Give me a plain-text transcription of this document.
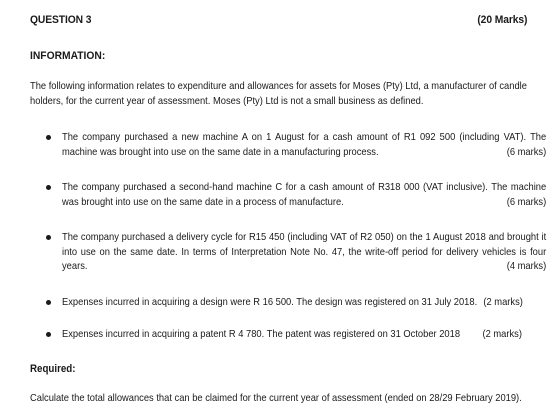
QUESTION 3	(20 Marks)
INFORMATION:
The following information relates to expenditure and allowances for assets for Moses (Pty) Ltd, a manufacturer of candle holders, for the current year of assessment. Moses (Pty) Ltd is not a small business as defined.
The company purchased a new machine A on 1 August for a cash amount of R1 092 500 (including VAT). The machine was brought into use on the same date in a manufacturing process.	(6 marks)
The company purchased a second-hand machine C for a cash amount of R318 000 (VAT inclusive). The machine was brought into use on the same date in a process of manufacture.	(6 marks)
The company purchased a delivery cycle for R15 450 (including VAT of R2 050) on the 1 August 2018 and brought it into use on the same date. In terms of Interpretation Note No. 47, the write-off period for delivery vehicles is four years.	(4 marks)
Expenses incurred in acquiring a design were R 16 500. The design was registered on 31 July 2018. (2 marks)
Expenses incurred in acquiring a patent R 4 780. The patent was registered on 31 October 2018 (2 marks)
Required:
Calculate the total allowances that can be claimed for the current year of assessment (ended on 28/29 February 2019).
